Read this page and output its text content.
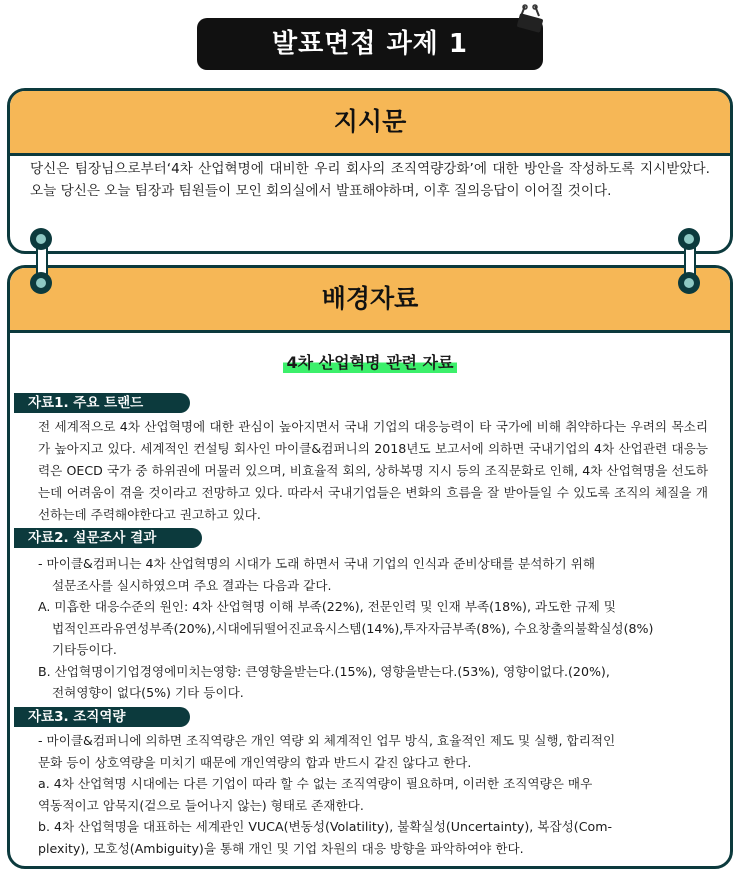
발표면접 과제 1
지시문
당신은 팀장님으로부터‘4차 산업혁명에 대비한 우리 회사의 조직역량강화’에 대한 방안을 작성하도록 지시받았다. 오늘 당신은 오늘 팀장과 팀원들이 모인 회의실에서 발표해야하며, 이후 질의응답이 이어질 것이다.
배경자료
4차 산업혁명 관련 자료
자료1. 주요 트랜드
전 세계적으로 4차 산업혁명에 대한 관심이 높아지면서 국내 기업의 대응능력이 타 국가에 비해 취약하다는 우려의 목소리가 높아지고 있다. 세계적인 컨설팅 회사인 마이클&컴퍼니의 2018년도 보고서에 의하면 국내기업의 4차 산업관련 대응능력은 OECD 국가 중 하위권에 머물러 있으며, 비효율적 회의, 상하복명 지시 등의 조직문화로 인해, 4차 산업혁명을 선도하는데 어려움이 겪을 것이라고 전망하고 있다. 따라서 국내기업들은 변화의 흐름을 잘 받아들일 수 있도록 조직의 체질을 개선하는데 주력해야한다고 권고하고 있다.
자료2. 설문조사 결과
- 마이클&컴퍼니는 4차 산업혁명의 시대가 도래 하면서 국내 기업의 인식과 준비상태를 분석하기 위해
설문조사를 실시하였으며 주요 결과는 다음과 같다.
A. 미흡한 대응수준의 원인: 4차 산업혁명 이해 부족(22%), 전문인력 및 인재 부족(18%), 과도한 규제 및
법적인프라유연성부족(20%),시대에뒤떨어진교육시스템(14%),투자자금부족(8%), 수요창출의불확실성(8%)
기타등이다.
B. 산업혁명이기업경영에미치는영향: 큰영향을받는다.(15%), 영향을받는다.(53%), 영향이없다.(20%),
전혀영향이 없다(5%) 기타 등이다.
자료3. 조직역량
- 마이클&컴퍼니에 의하면 조직역량은 개인 역량 외 체계적인 업무 방식, 효율적인 제도 및 실행, 합리적인
문화 등이 상호역량을 미치기 때문에 개인역량의 합과 반드시 같진 않다고 한다.
a. 4차 산업혁명 시대에는 다른 기업이 따라 할 수 없는 조직역량이 필요하며, 이러한 조직역량은 매우
역동적이고 암묵지(겉으로 들어나지 않는) 형태로 존재한다.
b. 4차 산업혁명을 대표하는 세계관인 VUCA(변동성(Volatility), 불확실성(Uncertainty), 복잡성(Com-
plexity), 모호성(Ambiguity)을 통해 개인 및 기업 차원의 대응 방향을 파악하여야 한다.
